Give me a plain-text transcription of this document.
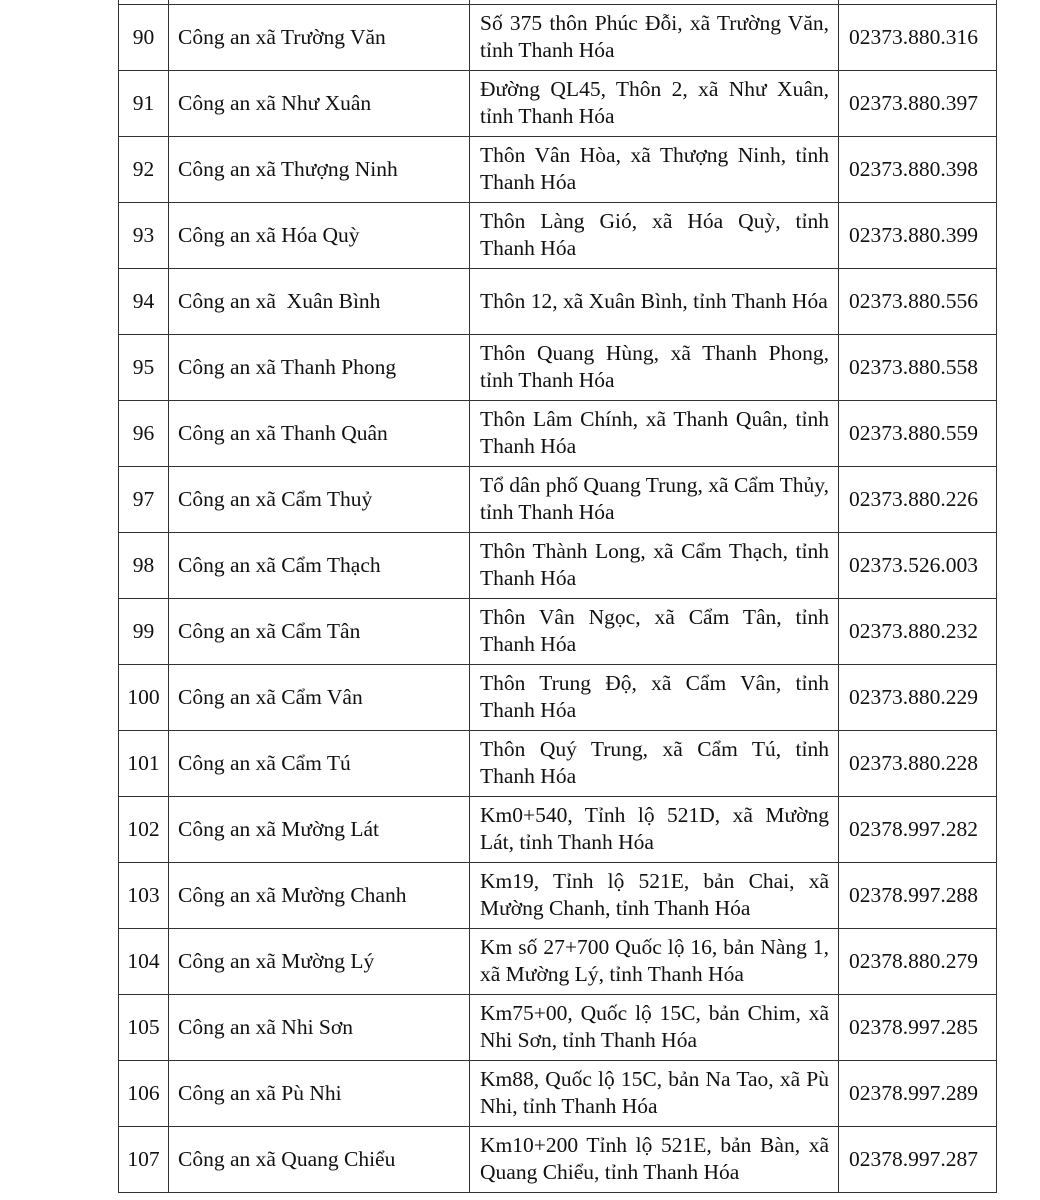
90	Công an xã Trường Văn	Số 375 thôn Phúc Đỗi, xã Trường Văn, tỉnh Thanh Hóa	02373.880.316
91	Công an xã Như Xuân	Đường QL45, Thôn 2, xã Như Xuân, tỉnh Thanh Hóa	02373.880.397
92	Công an xã Thượng Ninh	Thôn Vân Hòa, xã Thượng Ninh, tỉnh Thanh Hóa	02373.880.398
93	Công an xã Hóa Quỳ	Thôn Làng Gió, xã Hóa Quỳ, tỉnh Thanh Hóa	02373.880.399
94	Công an xã  Xuân Bình	Thôn 12, xã Xuân Bình, tỉnh Thanh Hóa	02373.880.556
95	Công an xã Thanh Phong	Thôn Quang Hùng, xã Thanh Phong, tỉnh Thanh Hóa	02373.880.558
96	Công an xã Thanh Quân	Thôn Lâm Chính, xã Thanh Quân, tỉnh Thanh Hóa	02373.880.559
97	Công an xã Cẩm Thuỷ	Tổ dân phố Quang Trung, xã Cẩm Thủy, tỉnh Thanh Hóa	02373.880.226
98	Công an xã Cẩm Thạch	Thôn Thành Long, xã Cẩm Thạch, tỉnh Thanh Hóa	02373.526.003
99	Công an xã Cẩm Tân	Thôn Vân Ngọc, xã Cẩm Tân, tỉnh Thanh Hóa	02373.880.232
100	Công an xã Cẩm Vân	Thôn Trung Độ, xã Cẩm Vân, tỉnh Thanh Hóa	02373.880.229
101	Công an xã Cẩm Tú	Thôn Quý Trung, xã Cẩm Tú, tỉnh Thanh Hóa	02373.880.228
102	Công an xã Mường Lát	Km0+540, Tỉnh lộ 521D, xã Mường Lát, tỉnh Thanh Hóa	02378.997.282
103	Công an xã Mường Chanh	Km19, Tỉnh lộ 521E, bản Chai, xã Mường Chanh, tỉnh Thanh Hóa	02378.997.288
104	Công an xã Mường Lý	Km số 27+700 Quốc lộ 16, bản Nàng 1, xã Mường Lý, tỉnh Thanh Hóa	02378.880.279
105	Công an xã Nhi Sơn	Km75+00, Quốc lộ 15C, bản Chim, xã Nhi Sơn, tỉnh Thanh Hóa	02378.997.285
106	Công an xã Pù Nhi	Km88, Quốc lộ 15C, bản Na Tao, xã Pù Nhi, tỉnh Thanh Hóa	02378.997.289
107	Công an xã Quang Chiểu	Km10+200 Tỉnh lộ 521E, bản Bàn, xã Quang Chiểu, tỉnh Thanh Hóa	02378.997.287
